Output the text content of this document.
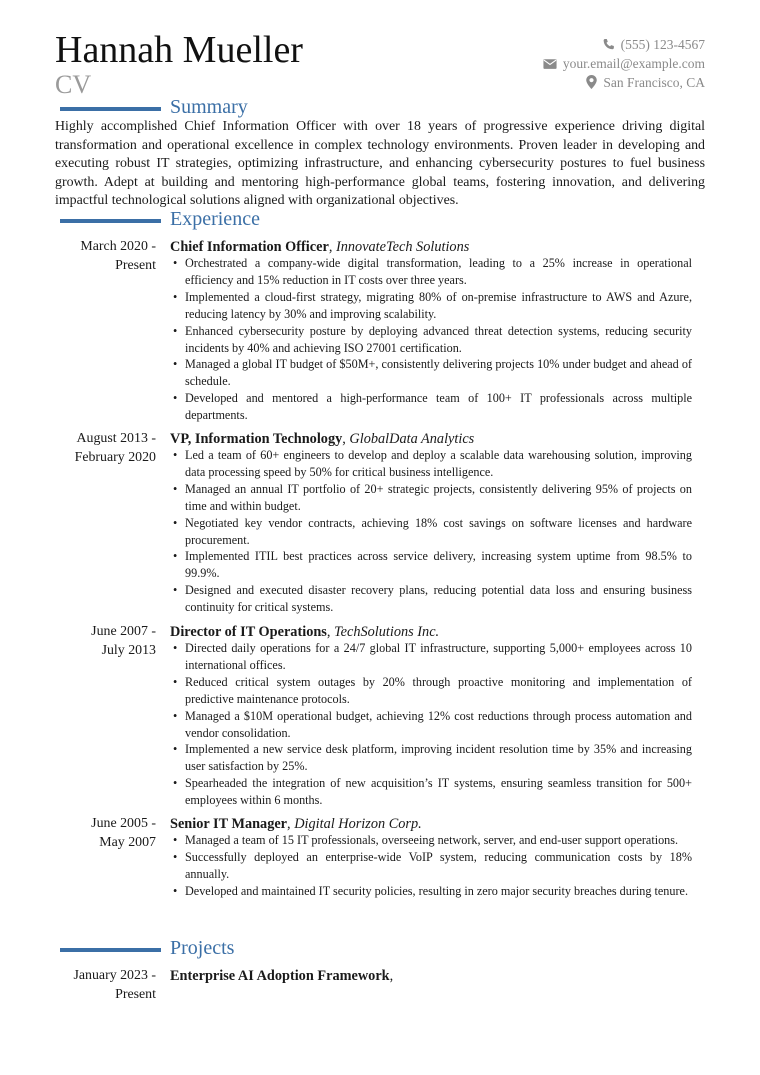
Hannah Mueller
CV
(555) 123-4567
your.email@example.com
San Francisco, CA
Summary
Highly accomplished Chief Information Officer with over 18 years of progressive experience driving digital transformation and operational excellence in complex technology environments. Proven leader in developing and executing robust IT strategies, optimizing infrastructure, and enhancing cybersecurity postures to fuel business growth. Adept at building and mentoring high-performance global teams, fostering innovation, and delivering impactful technological solutions aligned with organizational objectives.
Experience
March 2020 -
Present
Chief Information Officer, InnovateTech Solutions
• Orchestrated a company-wide digital transformation, leading to a 25% increase in operational efficiency and 15% reduction in IT costs over three years.
• Implemented a cloud-first strategy, migrating 80% of on-premise infrastructure to AWS and Azure, reducing latency by 30% and improving scalability.
• Enhanced cybersecurity posture by deploying advanced threat detection systems, reducing security incidents by 40% and achieving ISO 27001 certification.
• Managed a global IT budget of $50M+, consistently delivering projects 10% under budget and ahead of schedule.
• Developed and mentored a high-performance team of 100+ IT professionals across multiple departments.
August 2013 -
February 2020
VP, Information Technology, GlobalData Analytics
• Led a team of 60+ engineers to develop and deploy a scalable data warehousing solution, improving data processing speed by 50% for critical business intelligence.
• Managed an annual IT portfolio of 20+ strategic projects, consistently delivering 95% of projects on time and within budget.
• Negotiated key vendor contracts, achieving 18% cost savings on software licenses and hardware procurement.
• Implemented ITIL best practices across service delivery, increasing system uptime from 98.5% to 99.9%.
• Designed and executed disaster recovery plans, reducing potential data loss and ensuring business continuity for critical systems.
June 2007 -
July 2013
Director of IT Operations, TechSolutions Inc.
• Directed daily operations for a 24/7 global IT infrastructure, supporting 5,000+ employees across 10 international offices.
• Reduced critical system outages by 20% through proactive monitoring and implementation of predictive maintenance protocols.
• Managed a $10M operational budget, achieving 12% cost reductions through process automation and vendor consolidation.
• Implemented a new service desk platform, improving incident resolution time by 35% and increasing user satisfaction by 25%.
• Spearheaded the integration of new acquisition’s IT systems, ensuring seamless transition for 500+ employees within 6 months.
June 2005 -
May 2007
Senior IT Manager, Digital Horizon Corp.
• Managed a team of 15 IT professionals, overseeing network, server, and end-user support operations.
• Successfully deployed an enterprise-wide VoIP system, reducing communication costs by 18% annually.
• Developed and maintained IT security policies, resulting in zero major security breaches during tenure.
Projects
January 2023 -
Present
Enterprise AI Adoption Framework,
